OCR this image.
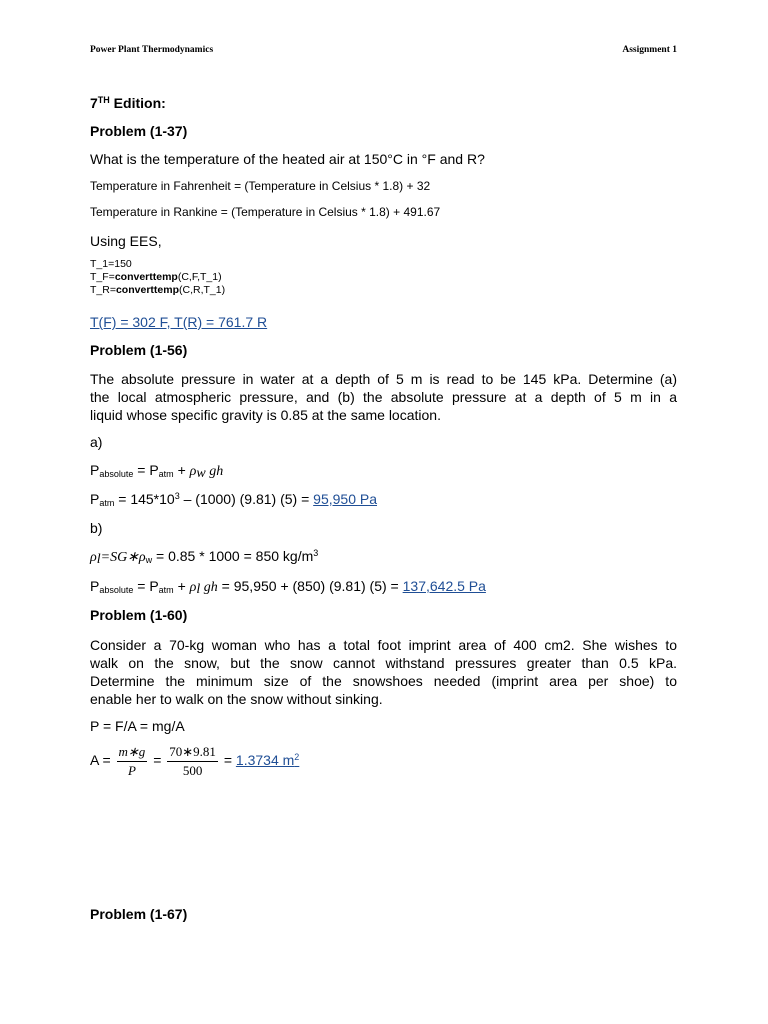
Power Plant Thermodynamics	Assignment 1
7TH Edition:
Problem (1-37)
What is the temperature of the heated air at 150°C in °F and R?
Temperature in Fahrenheit = (Temperature in Celsius * 1.8) + 32
Temperature in Rankine = (Temperature in Celsius * 1.8) + 491.67
Using EES,
T_1=150
T_F=converttemp(C,F,T_1)
T_R=converttemp(C,R,T_1)
T(F) = 302 F, T(R) = 761.7 R
Problem (1-56)
The absolute pressure in water at a depth of 5 m is read to be 145 kPa. Determine (a)
the local atmospheric pressure, and (b) the absolute pressure at a depth of 5 m in a
liquid whose specific gravity is 0.85 at the same location.
a)
$P_{absolute} = P_{atm} + \rho_w$ gh
$P_{atm} = 145*10^3 - (1000)$ (9.81) (5) = 95,950 Pa
b)
$\rho_l=SG∗\rho_w = 0.85 * 1000 = 850$ $kg/m^3$
$P_{absolute} = P_{atm} + \rho_l$ gh = 95,950 + (850) (9.81) (5) = 137,642.5 Pa
Problem (1-60)
Consider a 70-kg woman who has a total foot imprint area of 400 cm2. She wishes to
walk on the snow, but the snow cannot withstand pressures greater than 0.5 kPa.
Determine the minimum size of the snowshoes needed (imprint area per shoe) to
enable her to walk on the snow without sinking.
P = F/A = mg/A
$A = \frac{m∗g}{P} = \frac{70∗9.81}{500} = 1.3734$ $m^2$
Problem (1-67)
